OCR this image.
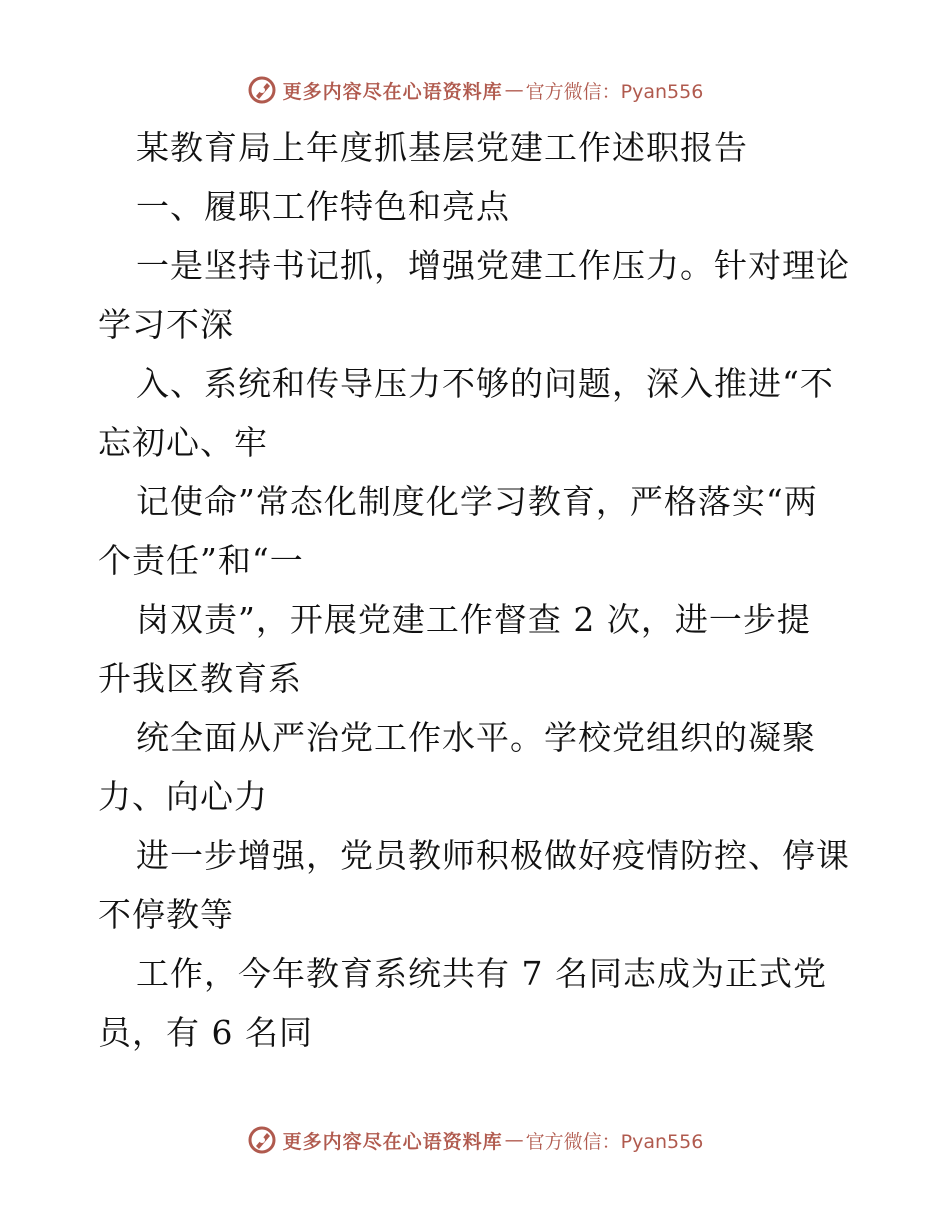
更多内容尽在心语资料库 — 官方微信：Pyan556
某教育局上年度抓基层党建工作述职报告
一、履职工作特色和亮点
一是坚持书记抓，增强党建工作压力。针对理论
学习不深
入、系统和传导压力不够的问题，深入推进“不
忘初心、牢
记使命”常态化制度化学习教育，严格落实“两
个责任”和“一
岗双责”，开展党建工作督查 2 次，进一步提
升我区教育系
统全面从严治党工作水平。学校党组织的凝聚
力、向心力
进一步增强，党员教师积极做好疫情防控、停课
不停教等
工作，今年教育系统共有 7 名同志成为正式党
员，有 6 名同
更多内容尽在心语资料库 — 官方微信：Pyan556
